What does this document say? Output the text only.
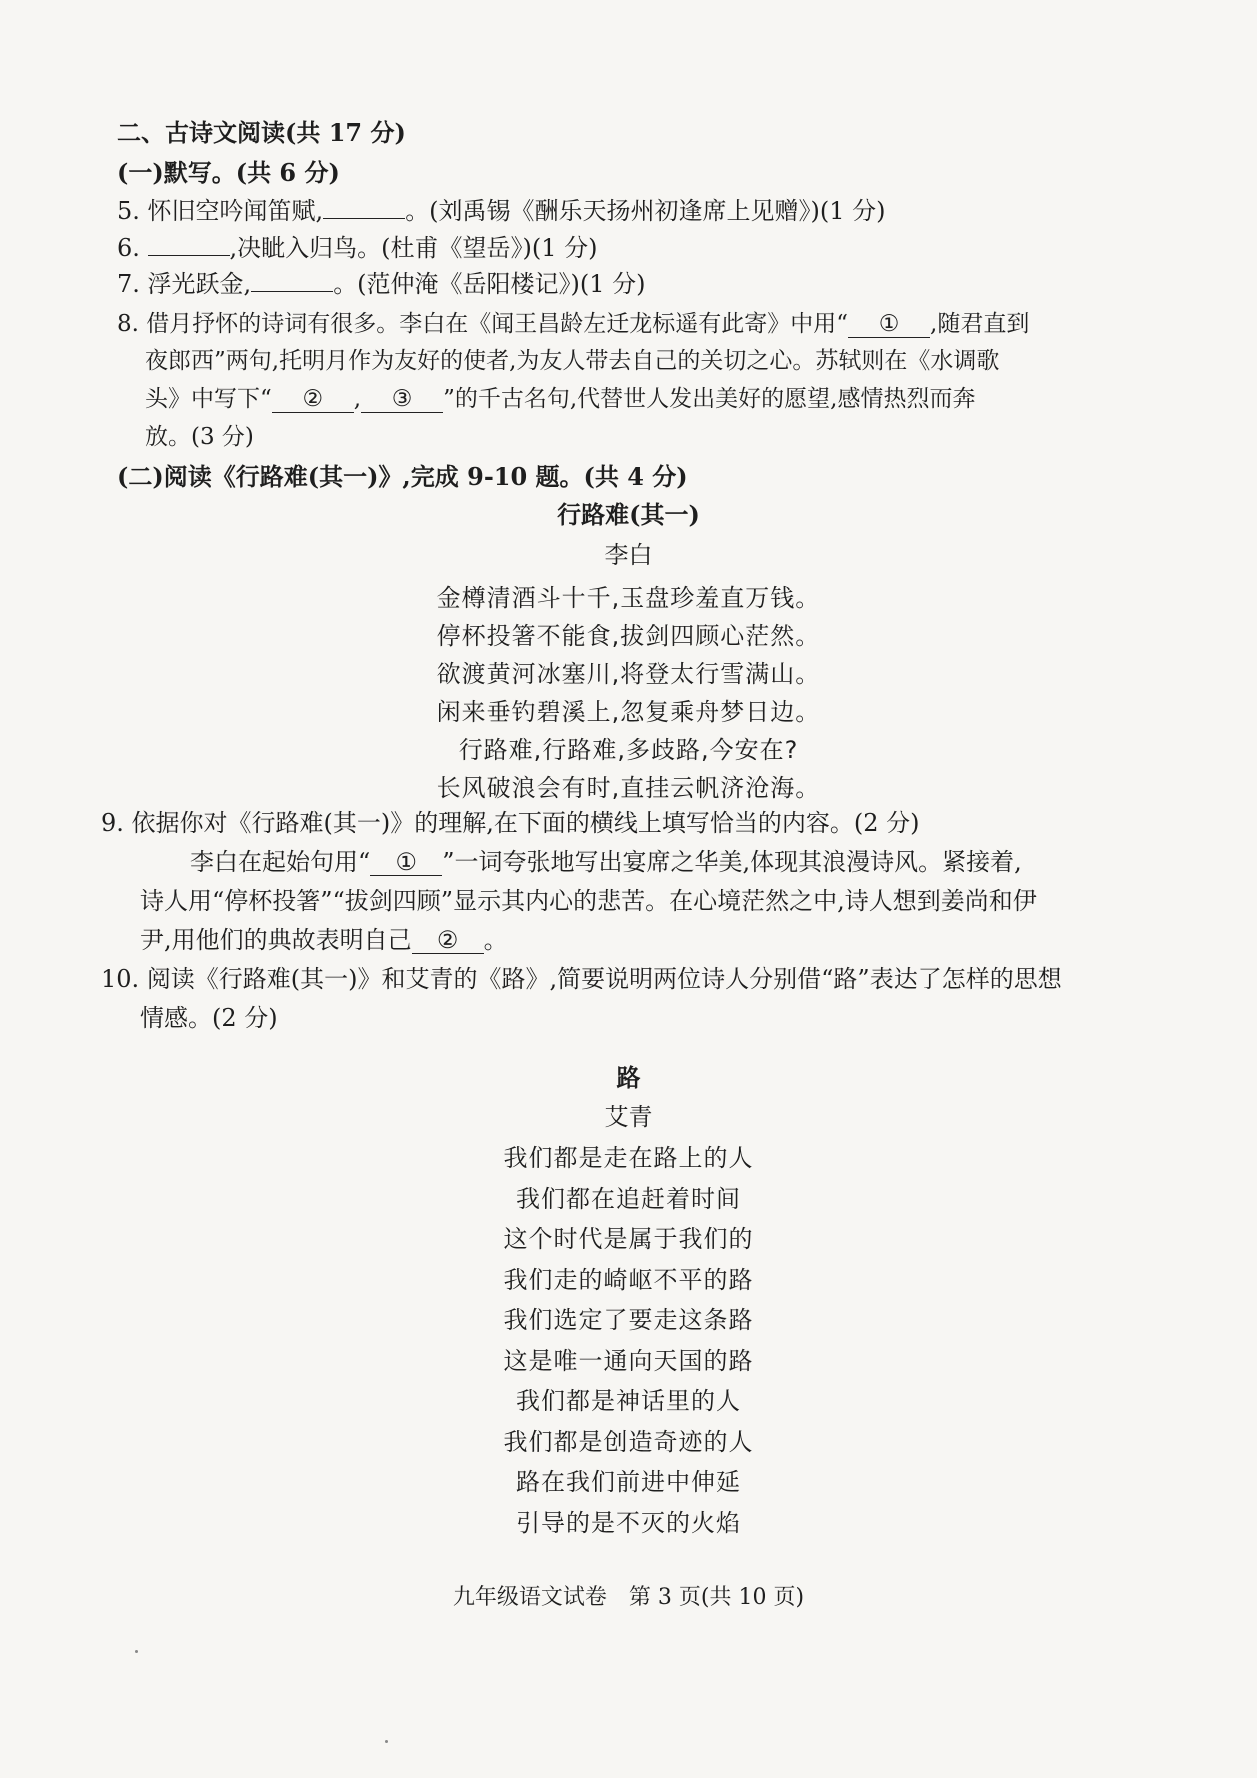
二、古诗文阅读(共 17 分)
(一)默写。(共 6 分)
5. 怀旧空吟闻笛赋,	。(刘禹锡《酬乐天扬州初逢席上见赠》)(1 分)
6.	,决眦入归鸟。(杜甫《望岳》)(1 分)
7. 浮光跃金,	。(范仲淹《岳阳楼记》)(1 分)
8. 借月抒怀的诗词有很多。李白在《闻王昌龄左迁龙标遥有此寄》中用“ ① ,随君直到
夜郎西”两句,托明月作为友好的使者,为友人带去自己的关切之心。苏轼则在《水调歌
头》中写下“ ② , ③ ”的千古名句,代替世人发出美好的愿望,感情热烈而奔
放。(3 分)
(二)阅读《行路难(其一)》,完成 9-10 题。(共 4 分)
行路难(其一)
李白
金樽清酒斗十千,玉盘珍羞直万钱。
停杯投箸不能食,拔剑四顾心茫然。
欲渡黄河冰塞川,将登太行雪满山。
闲来垂钓碧溪上,忽复乘舟梦日边。
行路难,行路难,多歧路,今安在?
长风破浪会有时,直挂云帆济沧海。
9. 依据你对《行路难(其一)》的理解,在下面的横线上填写恰当的内容。(2 分)
李白在起始句用“ ① ”一词夸张地写出宴席之华美,体现其浪漫诗风。紧接着,
诗人用“停杯投箸”“拔剑四顾”显示其内心的悲苦。在心境茫然之中,诗人想到姜尚和伊
尹,用他们的典故表明自己 ② 。
10. 阅读《行路难(其一)》和艾青的《路》,简要说明两位诗人分别借“路”表达了怎样的思想
情感。(2 分)
路
艾青
我们都是走在路上的人
我们都在追赶着时间
这个时代是属于我们的
我们走的崎岖不平的路
我们选定了要走这条路
这是唯一通向天国的路
我们都是神话里的人
我们都是创造奇迹的人
路在我们前进中伸延
引导的是不灭的火焰
九年级语文试卷　第 3 页(共 10 页)
